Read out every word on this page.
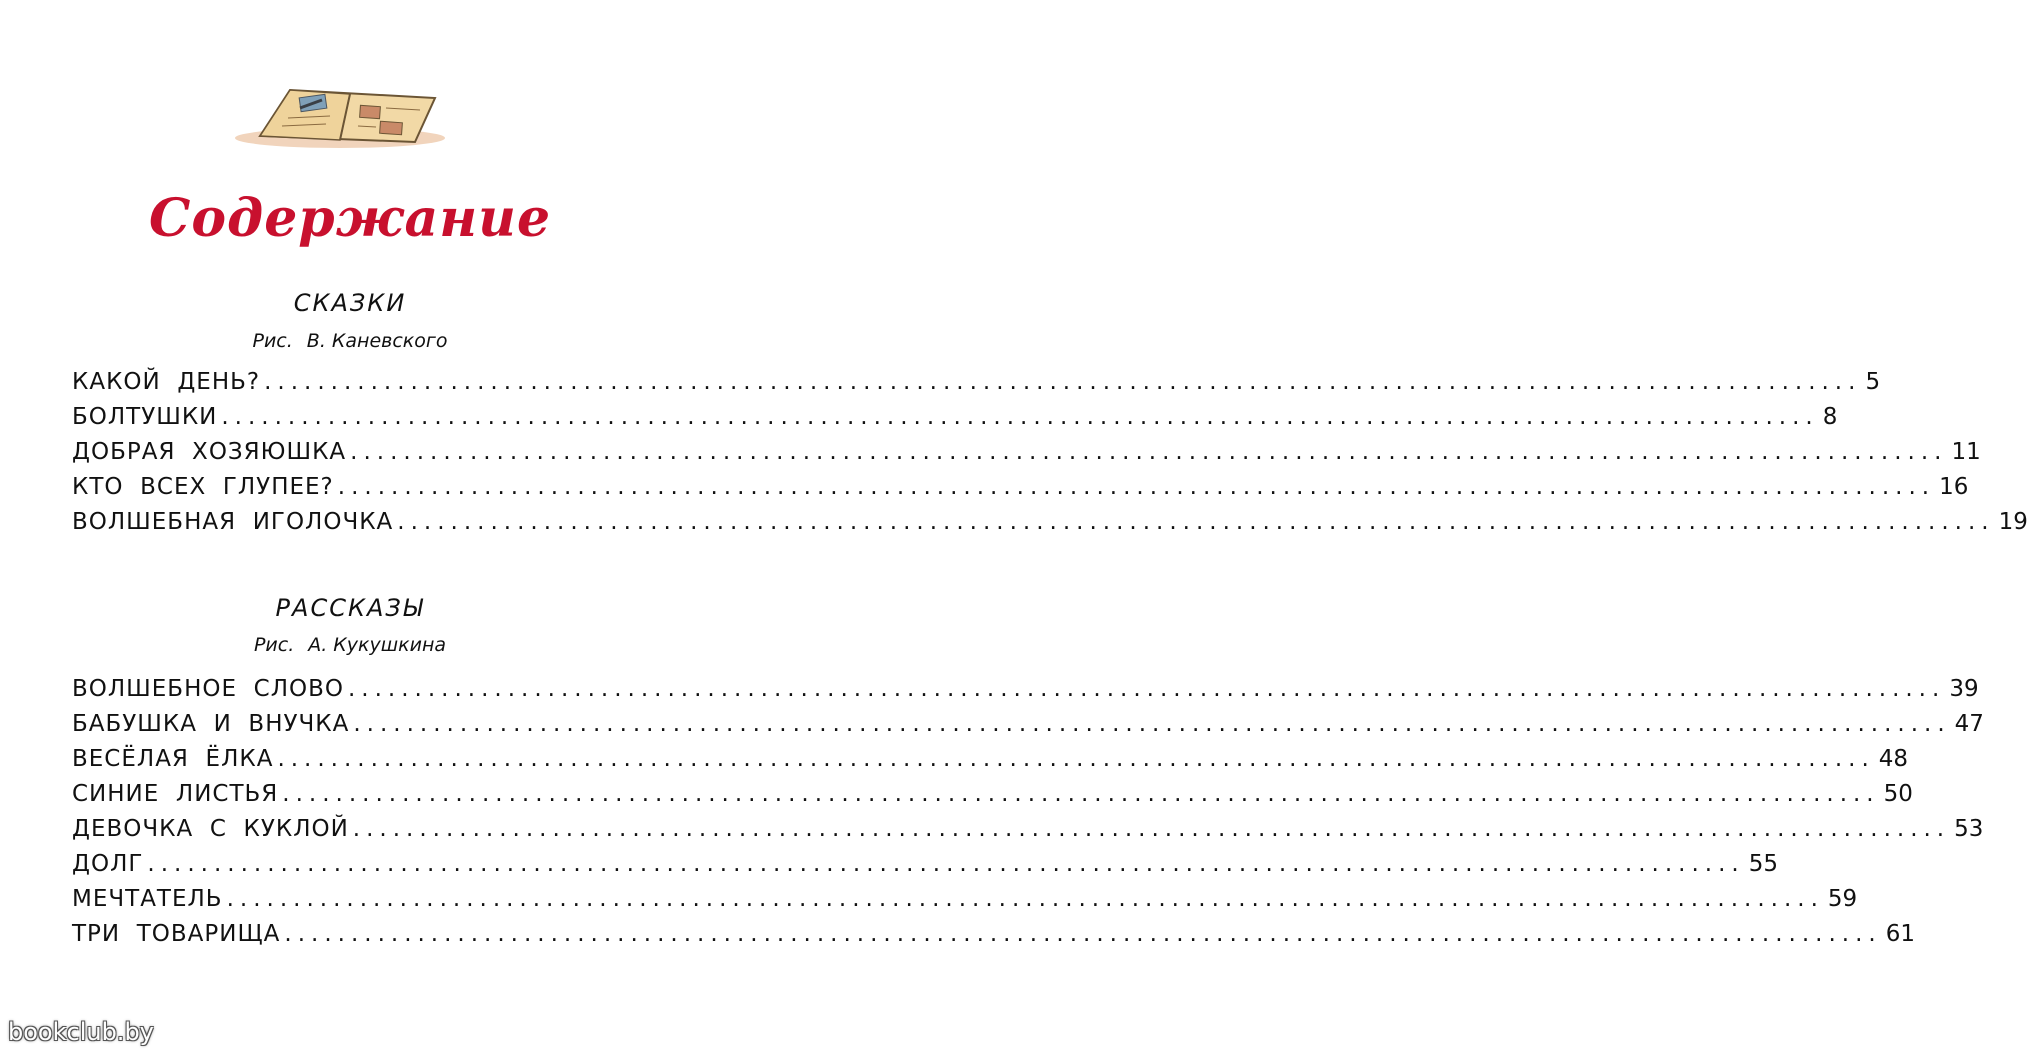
Содержание
СКАЗКИ
Рис. В. Каневского
КАКОЙ  ДЕНЬ? ........................................................................................................................ 5
БОЛТУШКИ ........................................................................................................................ 8
ДОБРАЯ  ХОЗЯЮШКА ........................................................................................................................ 11
КТО  ВСЕХ  ГЛУПЕЕ? ........................................................................................................................ 16
ВОЛШЕБНАЯ  ИГОЛОЧКА ........................................................................................................................ 19
РАССКАЗЫ
Рис. А. Кукушкина
ВОЛШЕБНОЕ  СЛОВО ........................................................................................................................ 39
БАБУШКА  И  ВНУЧКА ........................................................................................................................ 47
ВЕСЁЛАЯ  ЁЛКА ........................................................................................................................ 48
СИНИЕ  ЛИСТЬЯ ........................................................................................................................ 50
ДЕВОЧКА  С  КУКЛОЙ ........................................................................................................................ 53
ДОЛГ ........................................................................................................................ 55
МЕЧТАТЕЛЬ ........................................................................................................................ 59
ТРИ  ТОВАРИЩА ........................................................................................................................ 61
bookclub.by
